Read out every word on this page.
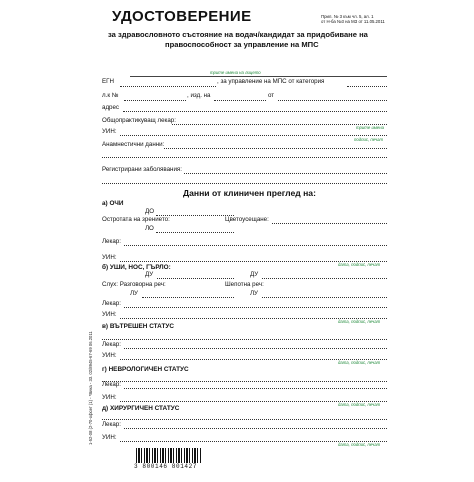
УДОСТОВЕРЕНИЕ	Прил. № 3 към чл. 5, ал. 1
от Н-ба №3 на МЗ от 11.05.2011
за здравословното състояние на водач/кандидат за придобиване на
правоспособност за управление на МПС
трите имена на лицето
ЕГН	, за управление на МПС от категория
л.к №	, изд. на	от
адрес
Общопрактикуващ лекар:
трите имена
УИН:
подпис, печат
Анамнестични данни:
Регистрирани заболявания:
Данни от клиничен преглед на:
а) ОЧИ
ДО
Остротата на зрението:	Цветоусещане:
ЛО
Лекар:
УИН:
дата, подпис, печат
б) УШИ, НОС, ГЪРЛО:
ДУ	ДУ
Слух: Разговорна реч:	Шепотна реч:
ЛУ	ЛУ
Лекар:
УИН:
дата, подпис, печат
в) ВЪТРЕШЕН СТАТУС
Лекар:
УИН:
дата, подпис, печат
г) НЕВРОЛОГИЧЕН СТАТУС
Лекар:
УИН:
дата, подпис, печат
д) ХИРУРГИЧЕН СТАТУС
Лекар:
УИН:
дата, подпис, печат
1-52-08 (2-70-офсет (1) - *Вика - 33. 02/8945-67-69 06.2011
3 800146 801427
